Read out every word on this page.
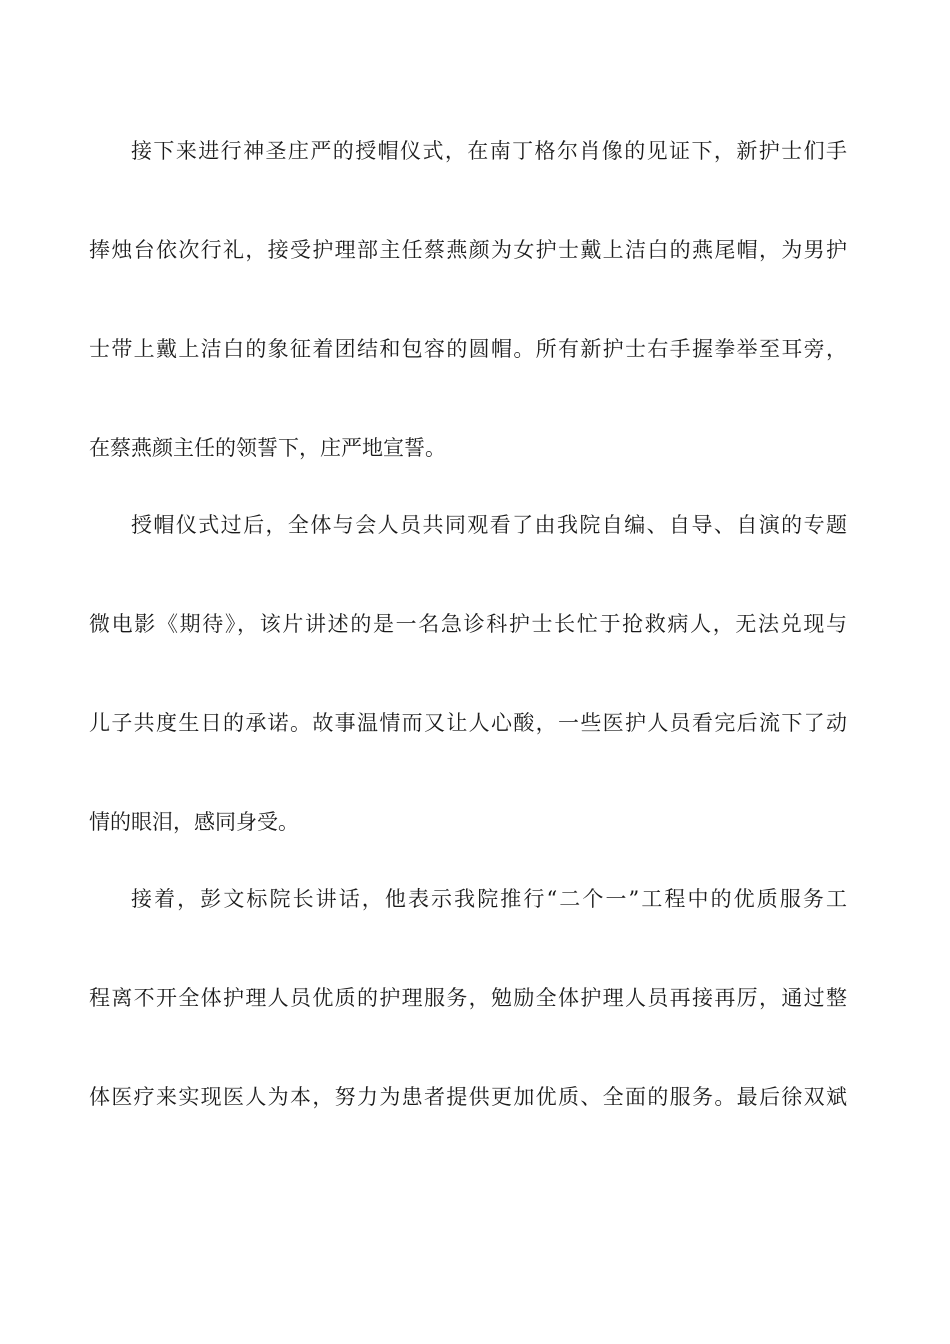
接下来进行神圣庄严的授帽仪式，在南丁格尔肖像的见证下，新护士们手
捧烛台依次行礼，接受护理部主任蔡燕颜为女护士戴上洁白的燕尾帽，为男护
士带上戴上洁白的象征着团结和包容的圆帽。所有新护士右手握拳举至耳旁，
在蔡燕颜主任的领誓下，庄严地宣誓。
授帽仪式过后，全体与会人员共同观看了由我院自编、自导、自演的专题
微电影《期待》，该片讲述的是一名急诊科护士长忙于抢救病人，无法兑现与
儿子共度生日的承诺。故事温情而又让人心酸，一些医护人员看完后流下了动
情的眼泪，感同身受。
接着，彭文标院长讲话，他表示我院推行“二个一”工程中的优质服务工
程离不开全体护理人员优质的护理服务，勉励全体护理人员再接再厉，通过整
体医疗来实现医人为本，努力为患者提供更加优质、全面的服务。最后徐双斌
